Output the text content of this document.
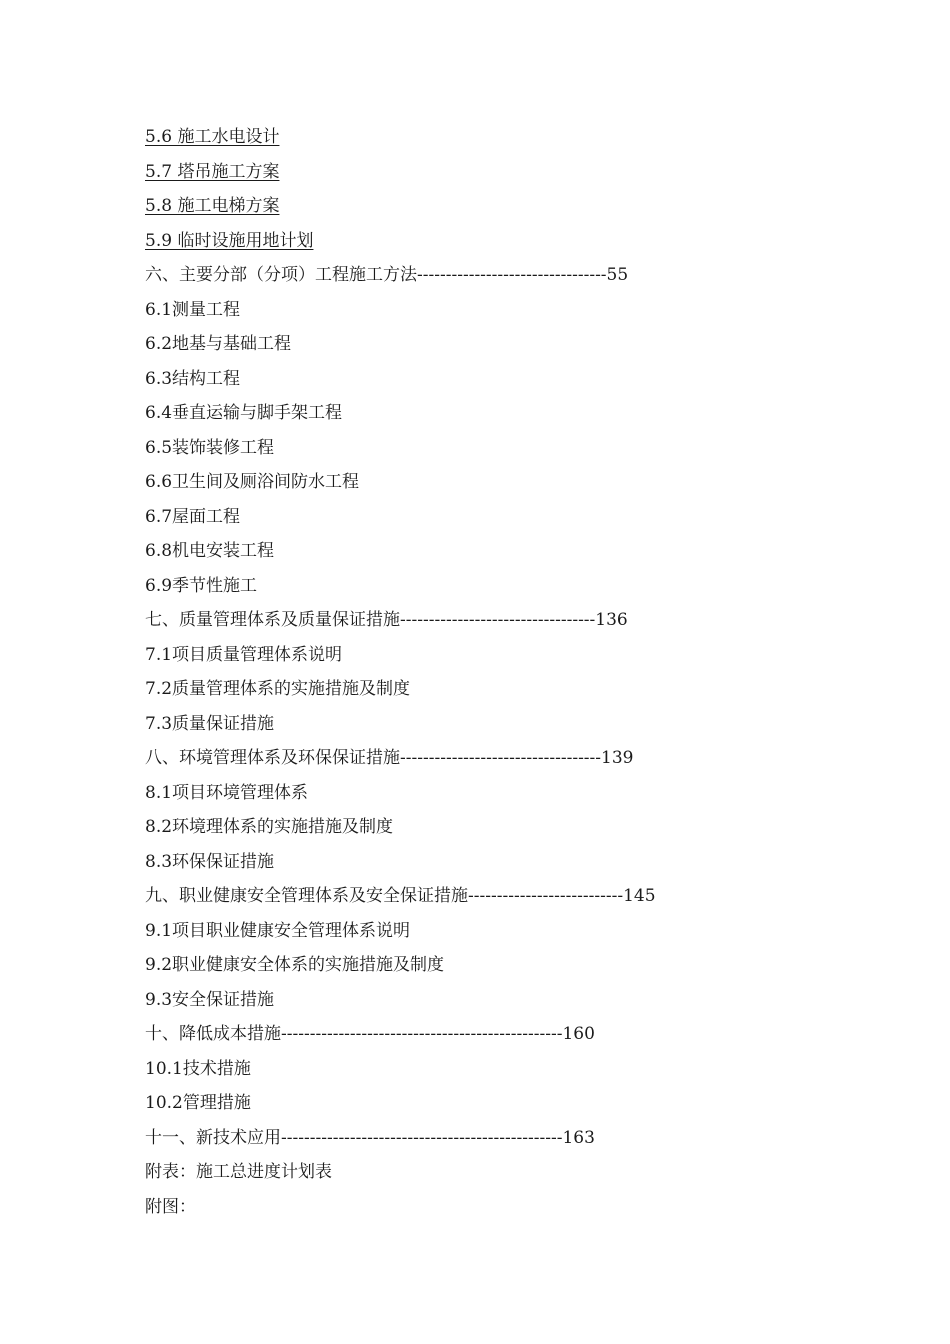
5.6 施工水电设计
5.7 塔吊施工方案
5.8 施工电梯方案
5.9 临时设施用地计划
六、主要分部（分项）工程施工方法---------------------------------55
6.1测量工程
6.2地基与基础工程
6.3结构工程
6.4垂直运输与脚手架工程
6.5装饰装修工程
6.6卫生间及厕浴间防水工程
6.7屋面工程
6.8机电安装工程
6.9季节性施工
七、质量管理体系及质量保证措施----------------------------------136
7.1项目质量管理体系说明
7.2质量管理体系的实施措施及制度
7.3质量保证措施
八、环境管理体系及环保保证措施-----------------------------------139
8.1项目环境管理体系
8.2环境理体系的实施措施及制度
8.3环保保证措施
九、职业健康安全管理体系及安全保证措施---------------------------145
9.1项目职业健康安全管理体系说明
9.2职业健康安全体系的实施措施及制度
9.3安全保证措施
十、降低成本措施-------------------------------------------------160
10.1技术措施
10.2管理措施
十一、新技术应用-------------------------------------------------163
附表：施工总进度计划表
附图：
